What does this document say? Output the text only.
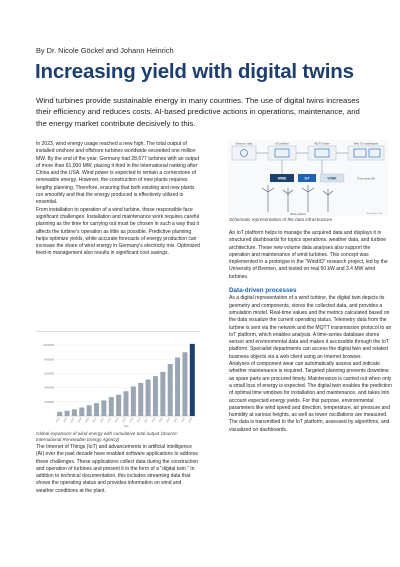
By Dr. Nicole Göckel and Johann Heinrich
Increasing yield with digital twins
Wind turbines provide sustainable energy in many countries. The use of digital twins increases their efficiency and reduces costs. AI-based predictive actions in operations, maintenance, and the energy market contribute decisively to this.

In 2023, wind energy usage reached a new high. The total output of installed onshore and offshore turbines worldwide exceeded one million MW. By the end of the year, Germany had 28,677 turbines with an output of more than 61,000 MW, placing it third in the international ranking after China and the USA. Wind power is expected to remain a cornerstone of renewable energy. However, the construction of new plants requires lengthy planning. Therefore, ensuring that both existing and new plants run smoothly and that the energy produced is effectively utilized is essential.

From installation to operation of a wind turbine, those responsible face significant challenges. Installation and maintenance work requires careful planning as the time for carrying out must be chosen in such a way that it affects the turbine's operation as little as possible. Predictive planning helps optimize yields, while accurate forecasts of energy production can increase the share of wind energy in Germany's electricity mix. Optimized feed-in management also results in significant cost savings.

200000
400000
600000
800000
1000000
2005 2006 2007 2008 2009 2010 2011 2012 2013 2014 2015 2016 2017 2018 2019 2020 2021 2022 2023
Year
Global expansion of wind energy with cumulative total output (Source: International Renewable Energy Agency)

The Internet of Things (IoT) and advancements in artificial intelligence (AI) over the past decade have enabled software applications to address these challenges. These applications collect data during the construction and operation of turbines and present it in the form of a "digital twin." In addition to technical documentation, this includes streaming data that shows the operating status and provides information on wind and weather conditions at the plant.

Sensors / data	IoT platform	MQTT broker	Web UI / dashboards
WIND	IoT	VONK	Time series DB
Wind turbines	Fraunhofer / IIS
Schematic representation of the data infrastructure

An IoT platform helps to manage the acquired data and displays it in structured dashboards for topics operations, weather data, and turbine architecture. These new volume data analyses also support the operation and maintenance of wind turbines. This concept was implemented in a prototype in the "WindIO" research project, led by the University of Bremen, and tested on real 50 kW and 3.4 MW wind turbines.

Data-driven processes

As a digital representation of a wind turbine, the digital twin depicts its geometry and components, stores the collected data, and provides a simulation model. Real-time values and the metrics calculated based on the data visualize the current operating status. Telemetry data from the turbine is sent via the network and the MQTT transmission protocol to an IoT platform, which enables analysis. A time-series database stores sensor and environmental data and makes it accessible through the IoT platform. Specialist departments can access the digital twin and related business objects via a web client using an Internet browser.

Analyses of component wear can automatically assess and indicate whether maintenance is required. Targeted planning prevents downtime as spare parts are procured timely. Maintenance is carried out when only a small loss of energy is expected. The digital twin enables the prediction of optimal time windows for installation and maintenance, and takes into account expected energy yields. For this purpose, environmental parameters like wind speed and direction, temperature, air pressure and humidity at various heights, as well as tower oscillations are measured. The data is transmitted to the IoT platform, assessed by algorithms, and visualized on dashboards.
